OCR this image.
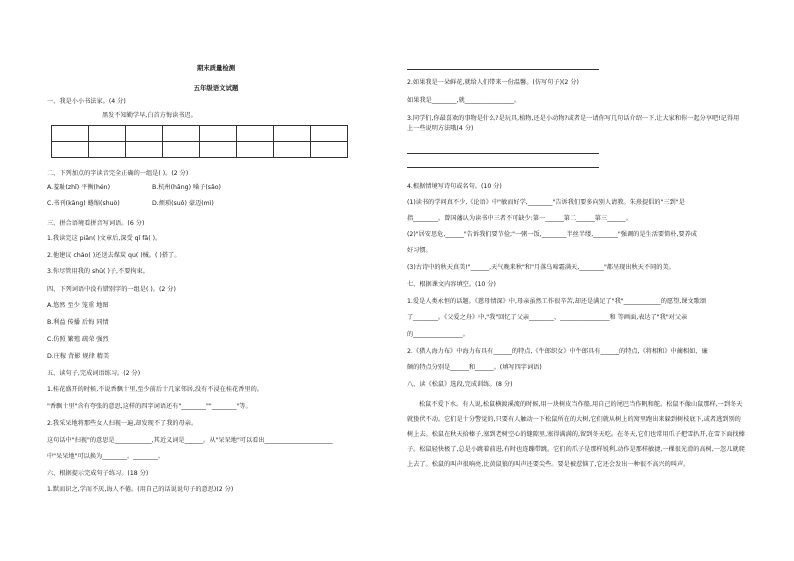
期末质量检测
五年级语文试题
一、我是小小书法家。(4 分)
黑发不知勤学早,白首方悔读书迟。

二、下列加点的字读音完全正确的一组是( )。(2 分)
A.羞耻(zhǐ) 平衡(hén)	B.杭州(hāng) 嗓子(sǎo)
C.书刊(kāng) 蜷缩(shuò)	D.烦琐(suǒ) 豪迈(mì)
三、拼合语境看拼音写词语。(6 分)
1.我读完这 piān( )文章后,深受 qǐ fā( )。
2.他建议 cháo( )还送去煤炭 qu( )械。( )搭了。
3.你尽管用我的 shū( )子,不要拘束。
四、下列词语中没有错别字的一组是( )。(2 分)
A.悠然 至少 笼重 地图
B.利益 传播 后悔 同情
C.仿照 繁殖 疏荣 强烈
D.庄稼 背影 规律 精美
五、读句子,完成词语练习。(2 分)
1.桂花盛开的时候,不说香飘十里,至少前后十几家邻居,没有不浸在桂花香里的。
"香飘十里"含有夸张的意思,这样的四字词语还有"________""________"等。
2.我采呆地将那些女人扫视一遍,却发现不了我的母亲。
这句话中"扫视"的意思是____________,其近义词是______。从"呆呆地"可以看出______________________
中"呆呆地"可以换为________。________。
六、根据提示完成句子练习。(18 分)
1.默而识之,学而不厌,诲人不倦。(用自己的话说说句子的意思)(2 分)
2.如果我是一朵鲜花,就给人们带来一份温馨。(仿写句子)(2 分)
如果我是________,就________________。
3.同学们,你最喜欢的事物是什么?是玩具,植物,还是小动物?或者是一请你写几句话介绍一下,让大家和你一起分享吧!记得用上一些说明方法哦(4 分)
4.根据情境写诗句或名句。(10 分)
(1)读书的学问真不少,《论语》中"敏而好学,________"告诉我们要多向别人请教。朱熹提倡的"三到"是
指________。曾国藩认为读书中三者不可缺少:第一______第二______第三______。
(2)"居安思危,______"告诉我们要节俭;"一粥一饭,________半丝半缕,________"强调的是生活要简朴,要养成
好习惯。
(3)古诗中的秋天真美!"______,天气晚来秋"和"月落乌啼霜满天,________"都呈现出秋天不同的美。
七、根据课文内容填空。(10 分)
1.爱是人类永恒的话题。《慈母情深》中,母亲虽然工作很辛苦,却还是满足了"我"____________的愿望,课文歌颂
了________。《父爱之舟》中,"我"回忆了父亲________、________________和 等画面,表达了"我"对父亲
的________________。
2.《猎人海力布》中海力布具有______的特点,《牛郎织女》中牛郎具有______的特点,《将相和》中蔺相如、廉
颇的特点分别是______和______。(填写四字词语)
八、读《松鼠》选段,完成训练。(8 分)
松鼠不爱下水。有人说,松鼠横渡溪流的时候,用一块树皮当作船,用自己的尾巴当作帆和舵。松鼠不像山鼠那样,一到冬天就蛰伏不动。它们是十分警觉的,只要有人触动一下松鼠所在的大树,它们就从树上的窝里跑出来躲到树枝底下,或者逃到别的树上去。松鼠在秋天拾榛子,塞到老树空心的缝隙里,塞得满满的,留到冬天吃。在冬天,它们也常用爪子把雪扒开,在雪下面找榛子。松鼠轻快极了,总是小跳着前进,有时也连蹦带跳。它们的爪子是那样锐利,动作是那样敏捷,一棵很光滑的高树,一忽儿就爬上去了。松鼠的叫声很响亮,比黄鼠狼的叫声还要尖些。要是被惹恼了,它还会发出一种很不高兴的叫声。
